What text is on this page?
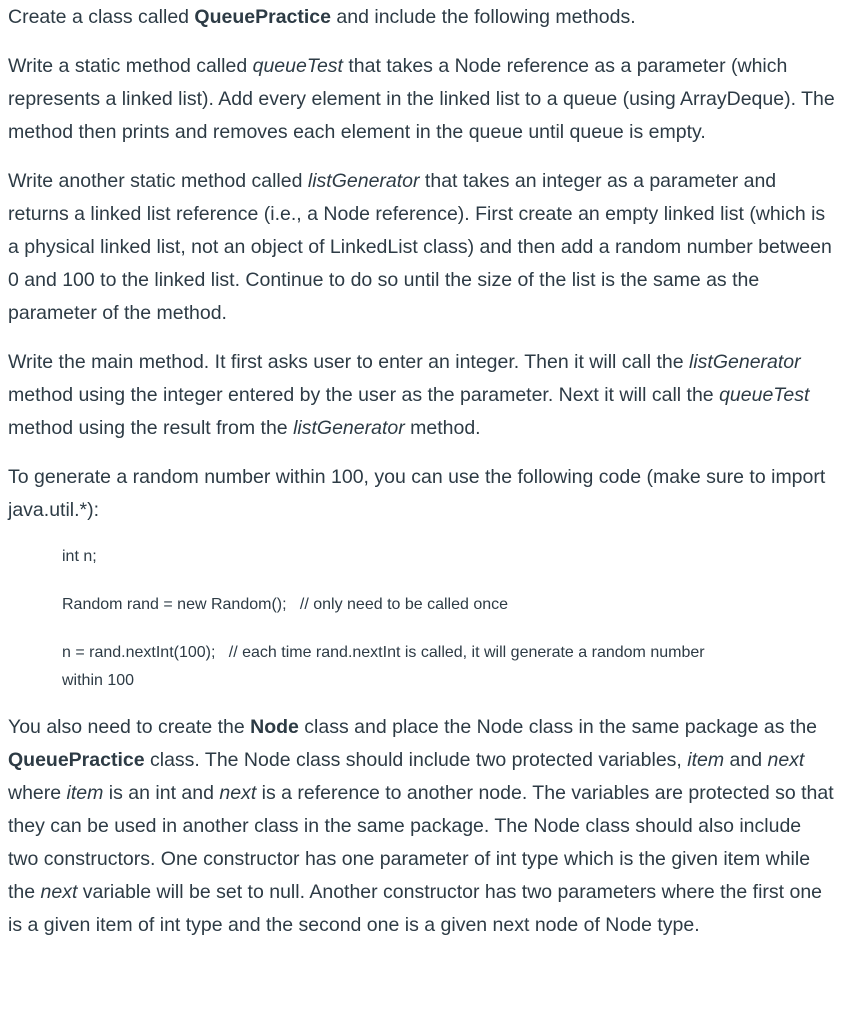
Create a class called QueuePractice and include the following methods.

Write a static method called queueTest that takes a Node reference as a parameter (which represents a linked list). Add every element in the linked list to a queue (using ArrayDeque). The method then prints and removes each element in the queue until queue is empty.

Write another static method called listGenerator that takes an integer as a parameter and returns a linked list reference (i.e., a Node reference). First create an empty linked list (which is a physical linked list, not an object of LinkedList class) and then add a random number between 0 and 100 to the linked list. Continue to do so until the size of the list is the same as the parameter of the method.

Write the main method. It first asks user to enter an integer. Then it will call the listGenerator method using the integer entered by the user as the parameter. Next it will call the queueTest method using the result from the listGenerator method.

To generate a random number within 100, you can use the following code (make sure to import java.util.*):

int n;

Random rand = new Random();   // only need to be called once

n = rand.nextInt(100);   // each time rand.nextInt is called, it will generate a random number
within 100

You also need to create the Node class and place the Node class in the same package as the QueuePractice class. The Node class should include two protected variables, item and next where item is an int and next is a reference to another node. The variables are protected so that they can be used in another class in the same package. The Node class should also include two constructors. One constructor has one parameter of int type which is the given item while the next variable will be set to null. Another constructor has two parameters where the first one is a given item of int type and the second one is a given next node of Node type.
